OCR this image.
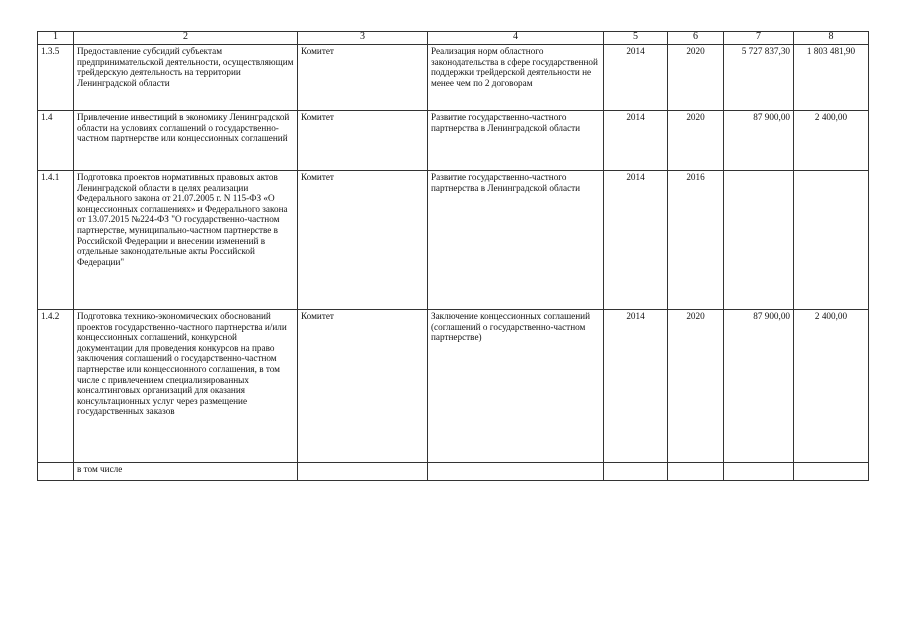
1	2	3	4	5	6	7	8
1.3.5	Предоставление субсидий субъектам предпринимательской деятельности, осуществляющим трейдерскую деятельность на территории Ленинградской области	Комитет	Реализация норм областного законодательства в сфере государственной поддержки трейдерской деятельности не менее чем по 2 договорам	2014	2020	5 727 837,30	1 803 481,90
1.4	Привлечение инвестиций в экономику Ленинградской области на условиях соглашений о государственно-частном партнерстве или концессионных соглашений	Комитет	Развитие государственно-частного партнерства в Ленинградской области	2014	2020	87 900,00	2 400,00
1.4.1	Подготовка проектов нормативных правовых актов Ленинградской области в целях реализации Федерального закона от 21.07.2005 г. N 115-ФЗ «О концессионных соглашениях» и Федерального закона от 13.07.2015 №224-ФЗ "О государственно-частном партнерстве, муниципально-частном партнерстве в Российской Федерации и внесении изменений в отдельные законодательные акты Российской Федерации"	Комитет	Развитие государственно-частного партнерства в Ленинградской области	2014	2016		
1.4.2	Подготовка технико-экономических обоснований проектов государственно-частного партнерства и/или концессионных соглашений, конкурсной документации для проведения конкурсов на право заключения соглашений о государственно-частном партнерстве или концессионного соглашения, в том числе с привлечением специализированных консалтинговых организаций для оказания консультационных услуг через размещение государственных заказов	Комитет	Заключение концессионных соглашений (соглашений о государственно-частном партнерстве)	2014	2020	87 900,00	2 400,00
	в том числе						
